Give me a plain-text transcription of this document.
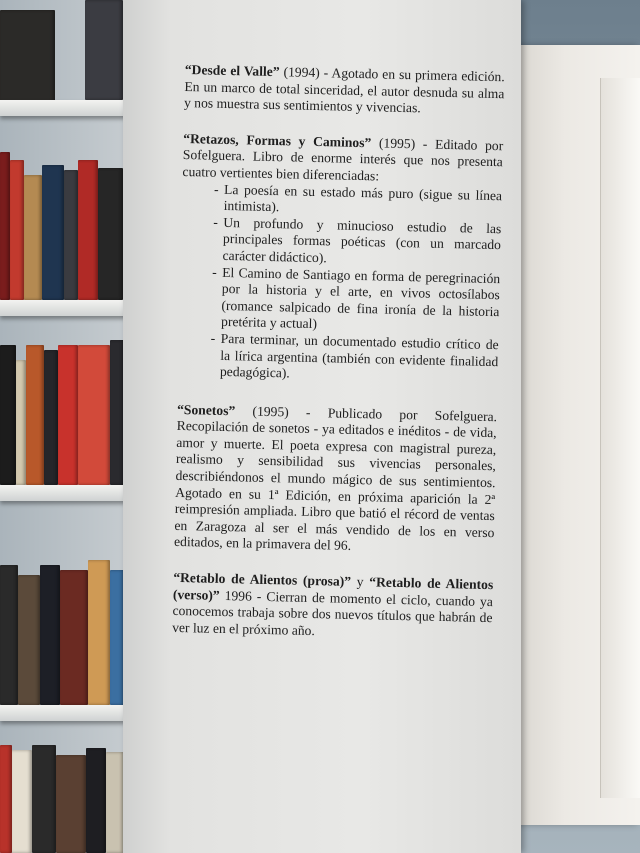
“Desde el Valle” (1994) - Agotado en su primera edición. En un marco de total sinceridad, el autor desnuda su alma y nos muestra sus sentimientos y vivencias.

“Retazos, Formas y Caminos” (1995) - Editado por Sofelguera. Libro de enorme interés que nos presenta cuatro vertientes bien diferenciadas:

- La poesía en su estado más puro (sigue su línea intimista).
- Un profundo y minucioso estudio de las principales formas poéticas (con un marcado carácter didáctico).
- El Camino de Santiago en forma de peregrinación por la historia y el arte, en vivos octosílabos (romance salpicado de fina ironía de la historia pretérita y actual)
- Para terminar, un documentado estudio crítico de la lírica argentina (también con evidente finalidad pedagógica).

“Sonetos” (1995) - Publicado por Sofelguera. Recopilación de sonetos - ya editados e inéditos - de vida, amor y muerte. El poeta expresa con magistral pureza, realismo y sensibilidad sus vivencias personales, describiéndonos el mundo mágico de sus sentimientos. Agotado en su 1ª Edición, en próxima aparición la 2ª reimpresión ampliada. Libro que batió el récord de ventas en Zaragoza al ser el más vendido de los en verso editados, en la primavera del 96.

“Retablo de Alientos (prosa)” y “Retablo de Alientos (verso)” 1996 - Cierran de momento el ciclo, cuando ya conocemos trabaja sobre dos nuevos títulos que habrán de ver luz en el próximo año.
